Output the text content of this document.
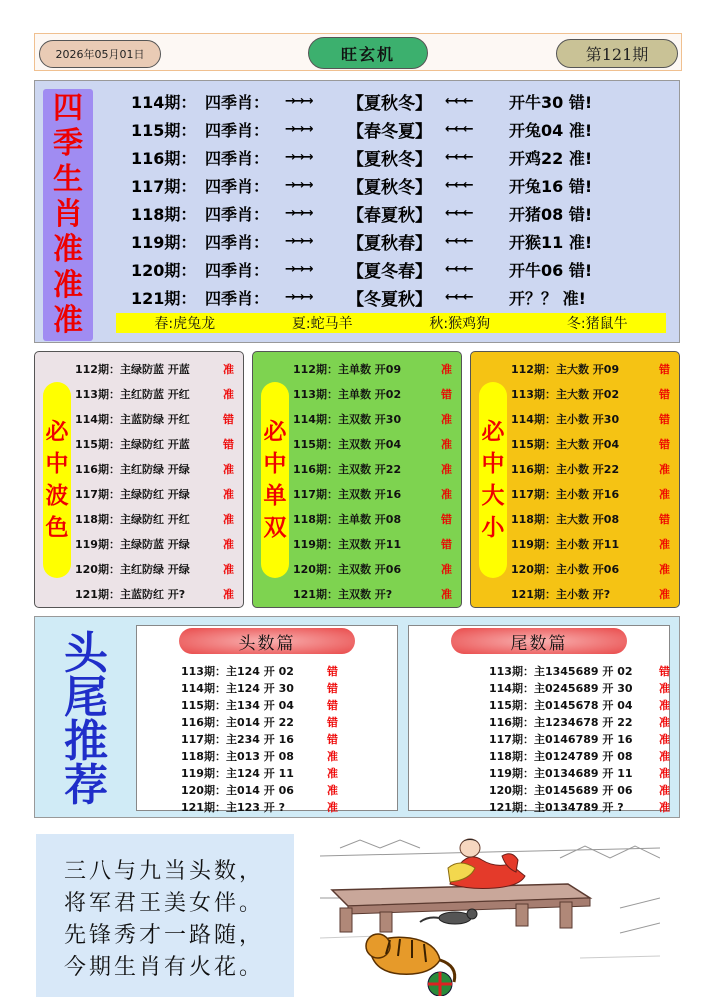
2026年05月01日	旺玄机	第121期
四
季
生
肖
准
准
准
114期： 四季肖：	→→→	【夏秋冬】	←←←	开牛30 错!
115期： 四季肖：	→→→	【春冬夏】	←←←	开兔04 准!
116期： 四季肖：	→→→	【夏秋冬】	←←←	开鸡22 准!
117期： 四季肖：	→→→	【夏秋冬】	←←←	开兔16 错!
118期： 四季肖：	→→→	【春夏秋】	←←←	开猪08 错!
119期： 四季肖：	→→→	【夏秋春】	←←←	开猴11 准!
120期： 四季肖：	→→→	【夏冬春】	←←←	开牛06 错!
121期： 四季肖：	→→→	【冬夏秋】	←←←	开？？ 准!
春:虎兔龙	夏:蛇马羊	秋:猴鸡狗	冬:猪鼠牛
必
中
波
色
112期：主绿防蓝 开蓝	准
113期：主红防蓝 开红	准
114期：主蓝防绿 开红	错
115期：主绿防红 开蓝	错
116期：主红防绿 开绿	准
117期：主绿防红 开绿	准
118期：主绿防红 开红	准
119期：主绿防蓝 开绿	准
120期：主红防绿 开绿	准
121期：主蓝防红 开?	准
必
中
单
双
112期：主单数 开09	准
113期：主单数 开02	错
114期：主双数 开30	准
115期：主双数 开04	准
116期：主双数 开22	准
117期：主双数 开16	准
118期：主单数 开08	错
119期：主双数 开11	错
120期：主双数 开06	准
121期：主双数 开?	准
必
中
大
小
112期：主大数 开09	错
113期：主大数 开02	错
114期：主小数 开30	错
115期：主大数 开04	错
116期：主小数 开22	准
117期：主小数 开16	准
118期：主大数 开08	错
119期：主小数 开11	准
120期：主小数 开06	准
121期：主小数 开?	准
头
尾
推
荐
头数篇
113期：主124 开 02	错
114期：主124 开 30	错
115期：主134 开 04	错
116期：主014 开 22	错
117期：主234 开 16	错
118期：主013 开 08	准
119期：主124 开 11	准
120期：主014 开 06	准
121期：主123 开 ?	准
尾数篇
113期：主1345689 开 02	错
114期：主0245689 开 30	准
115期：主0145678 开 04	准
116期：主1234678 开 22	准
117期：主0146789 开 16	准
118期：主0124789 开 08	准
119期：主0134689 开 11	准
120期：主0145689 开 06	准
121期：主0134789 开 ?	准
三八与九当头数，
将军君王美女伴。
先锋秀才一路随，
今期生肖有火花。
